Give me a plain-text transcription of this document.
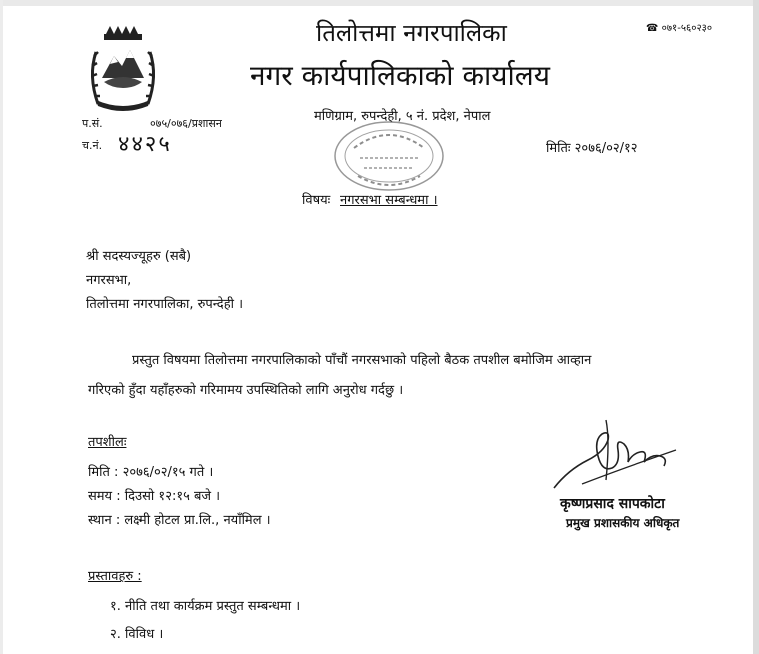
तिलोत्तमा नगरपालिका
नगर कार्यपालिकाको कार्यालय
☎ ०७१-५६०२३०
मणिग्राम, रुपन्देही, ५ नं. प्रदेश, नेपाल
प.सं.	०७५/०७६/प्रशासन
च.नं. ४४२५	मितिः २०७६/०२/१२
विषयः नगरसभा सम्बन्धमा ।
श्री सदस्यज्यूहरु (सबै)
नगरसभा,
तिलोत्तमा नगरपालिका, रुपन्देही ।
प्रस्तुत विषयमा तिलोत्तमा नगरपालिकाको पाँचौं नगरसभाको पहिलो बैठक तपशील बमोजिम आव्हान
गरिएको हुँदा यहाँहरुको गरिमामय उपस्थितिको लागि अनुरोध गर्दछु ।
तपशीलः
मिति : २०७६/०२/१५ गते ।
समय : दिउसो १२:१५ बजे ।
स्थान : लक्ष्मी होटल प्रा.लि., नयाँमिल ।
प्रस्तावहरु :
१. नीति तथा कार्यक्रम प्रस्तुत सम्बन्धमा ।
२. विविध ।
कृष्णप्रसाद सापकोटा
प्रमुख प्रशासकीय अधिकृत
